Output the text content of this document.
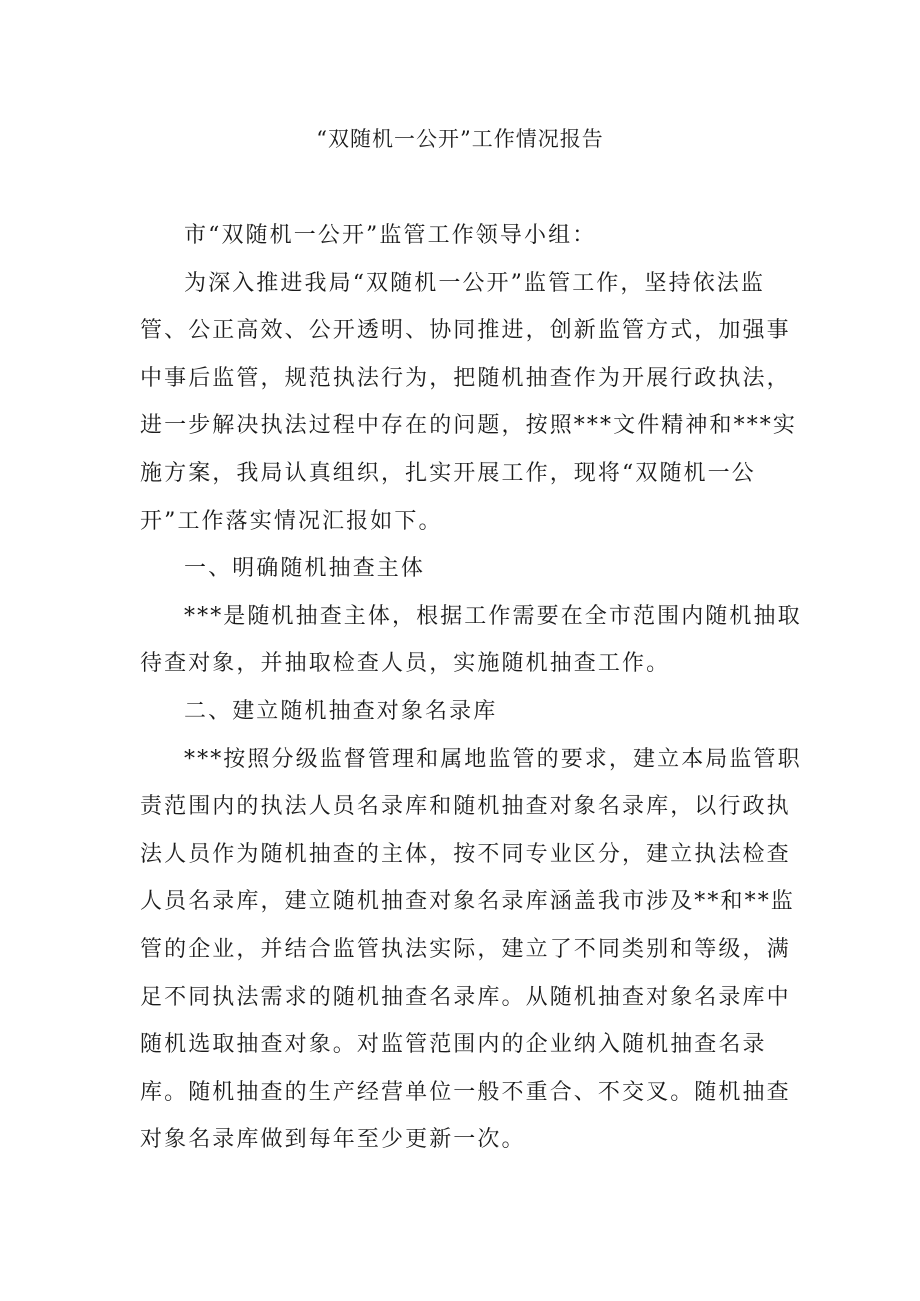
“双随机一公开”工作情况报告

市“双随机一公开”监管工作领导小组：

为深入推进我局“双随机一公开”监管工作，坚持依法监
管、公正高效、公开透明、协同推进，创新监管方式，加强事
中事后监管，规范执法行为，把随机抽查作为开展行政执法，
进一步解决执法过程中存在的问题，按照***文件精神和***实
施方案，我局认真组织，扎实开展工作，现将“双随机一公
开”工作落实情况汇报如下。

一、明确随机抽查主体

***是随机抽查主体，根据工作需要在全市范围内随机抽取
待查对象，并抽取检查人员，实施随机抽查工作。

二、建立随机抽查对象名录库

***按照分级监督管理和属地监管的要求，建立本局监管职
责范围内的执法人员名录库和随机抽查对象名录库，以行政执
法人员作为随机抽查的主体，按不同专业区分，建立执法检查
人员名录库，建立随机抽查对象名录库涵盖我市涉及**和**监
管的企业，并结合监管执法实际，建立了不同类别和等级，满
足不同执法需求的随机抽查名录库。从随机抽查对象名录库中
随机选取抽查对象。对监管范围内的企业纳入随机抽查名录
库。随机抽查的生产经营单位一般不重合、不交叉。随机抽查
对象名录库做到每年至少更新一次。
